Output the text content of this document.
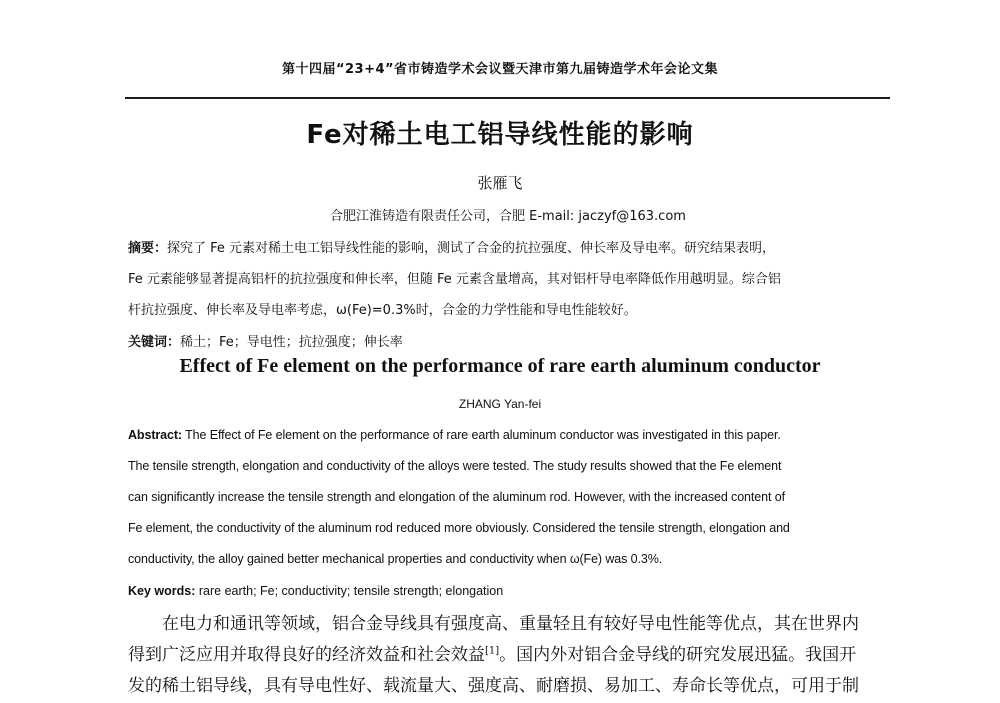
第十四届“23+4”省市铸造学术会议暨天津市第九届铸造学术年会论文集
Fe对稀土电工铝导线性能的影响
张雁飞
合肥江淮铸造有限责任公司，合肥 E-mail: jaczyf@163.com
摘要：探究了 Fe 元素对稀土电工铝导线性能的影响，测试了合金的抗拉强度、伸长率及导电率。研究结果表明，
Fe 元素能够显著提高铝杆的抗拉强度和伸长率，但随 Fe 元素含量增高，其对铝杆导电率降低作用越明显。综合铝
杆抗拉强度、伸长率及导电率考虑，ω(Fe)=0.3%时，合金的力学性能和导电性能较好。
关键词：稀土；Fe；导电性；抗拉强度；伸长率
Effect of Fe element on the performance of rare earth aluminum conductor
ZHANG Yan-fei
Abstract: The Effect of Fe element on the performance of rare earth aluminum conductor was investigated in this paper.
The tensile strength, elongation and conductivity of the alloys were tested. The study results showed that the Fe element
can significantly increase the tensile strength and elongation of the aluminum rod. However, with the increased content of
Fe element, the conductivity of the aluminum rod reduced more obviously. Considered the tensile strength, elongation and
conductivity, the alloy gained better mechanical properties and conductivity when ω(Fe) was 0.3%.
Key words: rare earth; Fe; conductivity; tensile strength; elongation
在电力和通讯等领域，铝合金导线具有强度高、重量轻且有较好导电性能等优点，其在世界内
得到广泛应用并取得良好的经济效益和社会效益[1]。国内外对铝合金导线的研究发展迅猛。我国开
发的稀土铝导线，具有导电性好、载流量大、强度高、耐磨损、易加工、寿命长等优点，可用于制
